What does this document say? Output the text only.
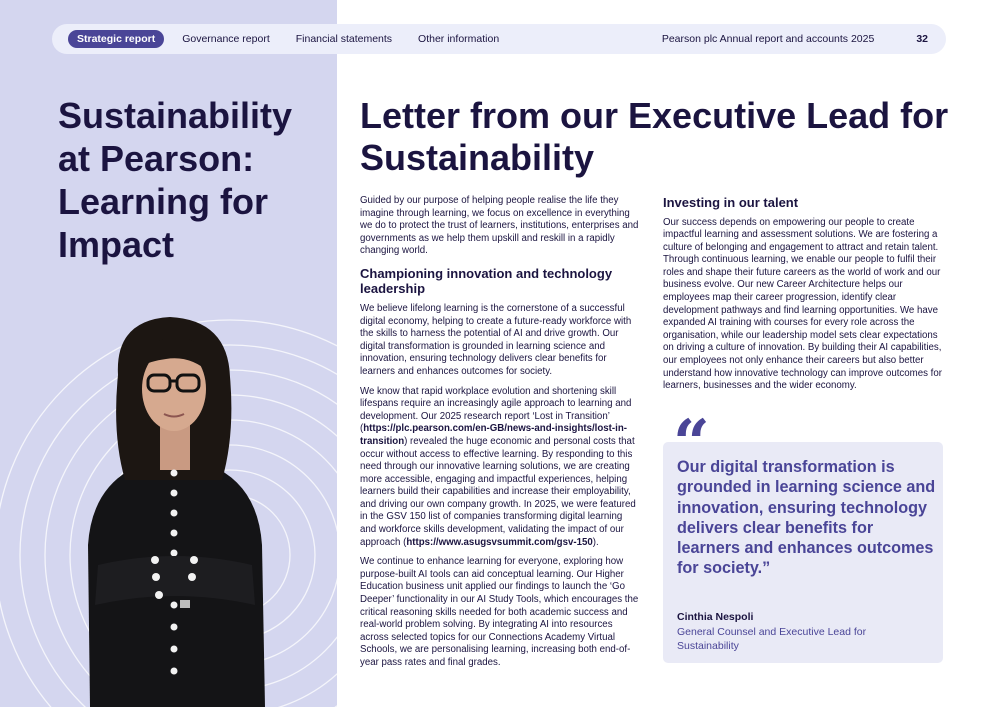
Sustainability at Pearson: Learning for Impact
Strategic report	Governance report Financial statements Other information	Pearson plc Annual report and accounts 2025	32
Letter from our Executive Lead for Sustainability

Guided by our purpose of helping people realise the life they imagine through learning, we focus on excellence in everything we do to protect the trust of learners, institutions, enterprises and governments as we help them upskill and reskill in a rapidly changing world.

Championing innovation and technology leadership

We believe lifelong learning is the cornerstone of a successful digital economy, helping to create a future-ready workforce with the skills to harness the potential of AI and drive growth. Our digital transformation is grounded in learning science and innovation, ensuring technology delivers clear benefits for learners and enhances outcomes for society.

We know that rapid workplace evolution and shortening skill lifespans require an increasingly agile approach to learning and development. Our 2025 research report ‘Lost in Transition’ (https://plc.pearson.com/en-GB/news-and-insights/lost-in-transition) revealed the huge economic and personal costs that occur without access to effective learning. By responding to this need through our innovative learning solutions, we are creating more accessible, engaging and impactful experiences, helping learners build their capabilities and increase their employability, and driving our own company growth. In 2025, we were featured in the GSV 150 list of companies transforming digital learning and workforce skills development, validating the impact of our approach (https://www.asugsvsummit.com/gsv-150).

We continue to enhance learning for everyone, exploring how purpose-built AI tools can aid conceptual learning. Our Higher Education business unit applied our findings to launch the ‘Go Deeper’ functionality in our AI Study Tools, which encourages the critical reasoning skills needed for both academic success and real-world problem solving. By integrating AI into resources across selected topics for our Connections Academy Virtual Schools, we are personalising learning, increasing both end-of-year pass rates and final grades.

Investing in our talent

Our success depends on empowering our people to create impactful learning and assessment solutions. We are fostering a culture of belonging and engagement to attract and retain talent. Through continuous learning, we enable our people to fulfil their roles and shape their future careers as the world of work and our business evolve. Our new Career Architecture helps our employees map their career progression, identify clear development pathways and find learning opportunities. We have expanded AI training with courses for every role across the organisation, while our leadership model sets clear expectations on driving a culture of innovation. By building their AI capabilities, our employees not only enhance their careers but also better understand how innovative technology can improve outcomes for learners, businesses and the wider economy.

“
Our digital transformation is grounded in learning science and innovation, ensuring technology delivers clear benefits for learners and enhances outcomes for society.”
Cinthia Nespoli
General Counsel and Executive Lead for Sustainability
